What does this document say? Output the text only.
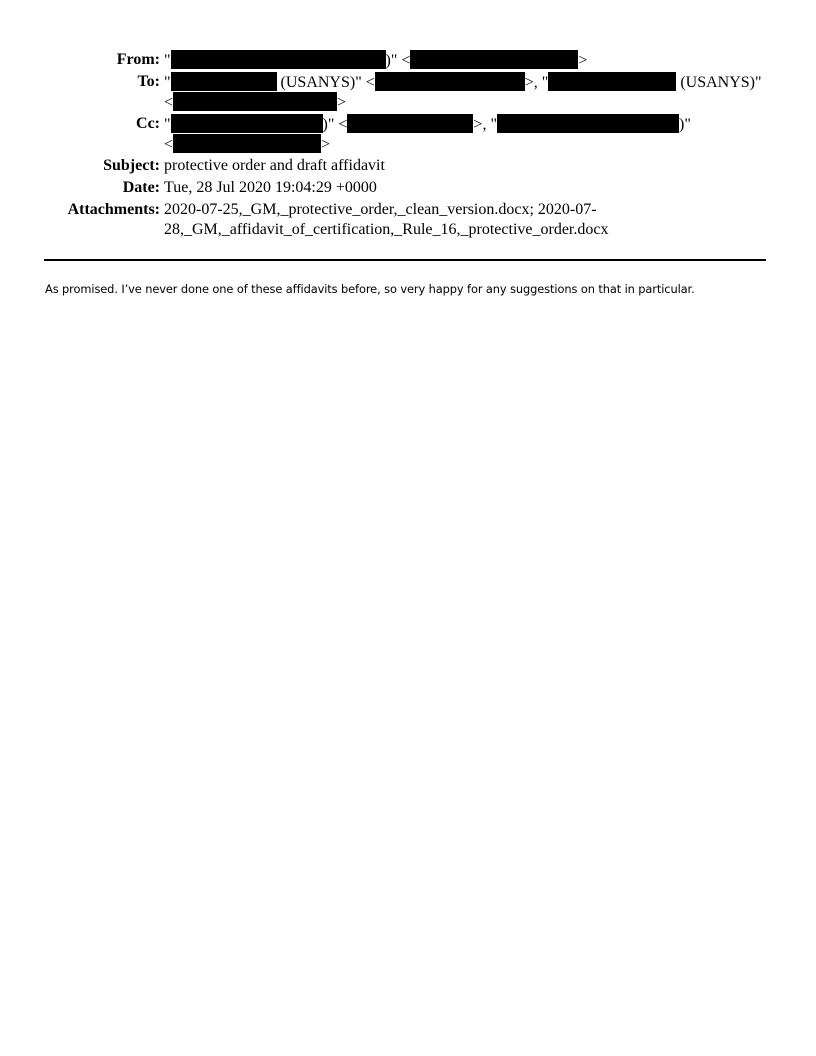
From: "	)" <	>
To: "	(USANYS)" <	>, "	(USANYS)"
<	>
Cc: "	)" <	>, "	)"
<	>
Subject: protective order and draft affidavit
Date: Tue, 28 Jul 2020 19:04:29 +0000
Attachments: 2020-07-25,_GM,_protective_order,_clean_version.docx; 2020-07-
28,_GM,_affidavit_of_certification,_Rule_16,_protective_order.docx
As promised. I’ve never done one of these affidavits before, so very happy for any suggestions on that in particular.
